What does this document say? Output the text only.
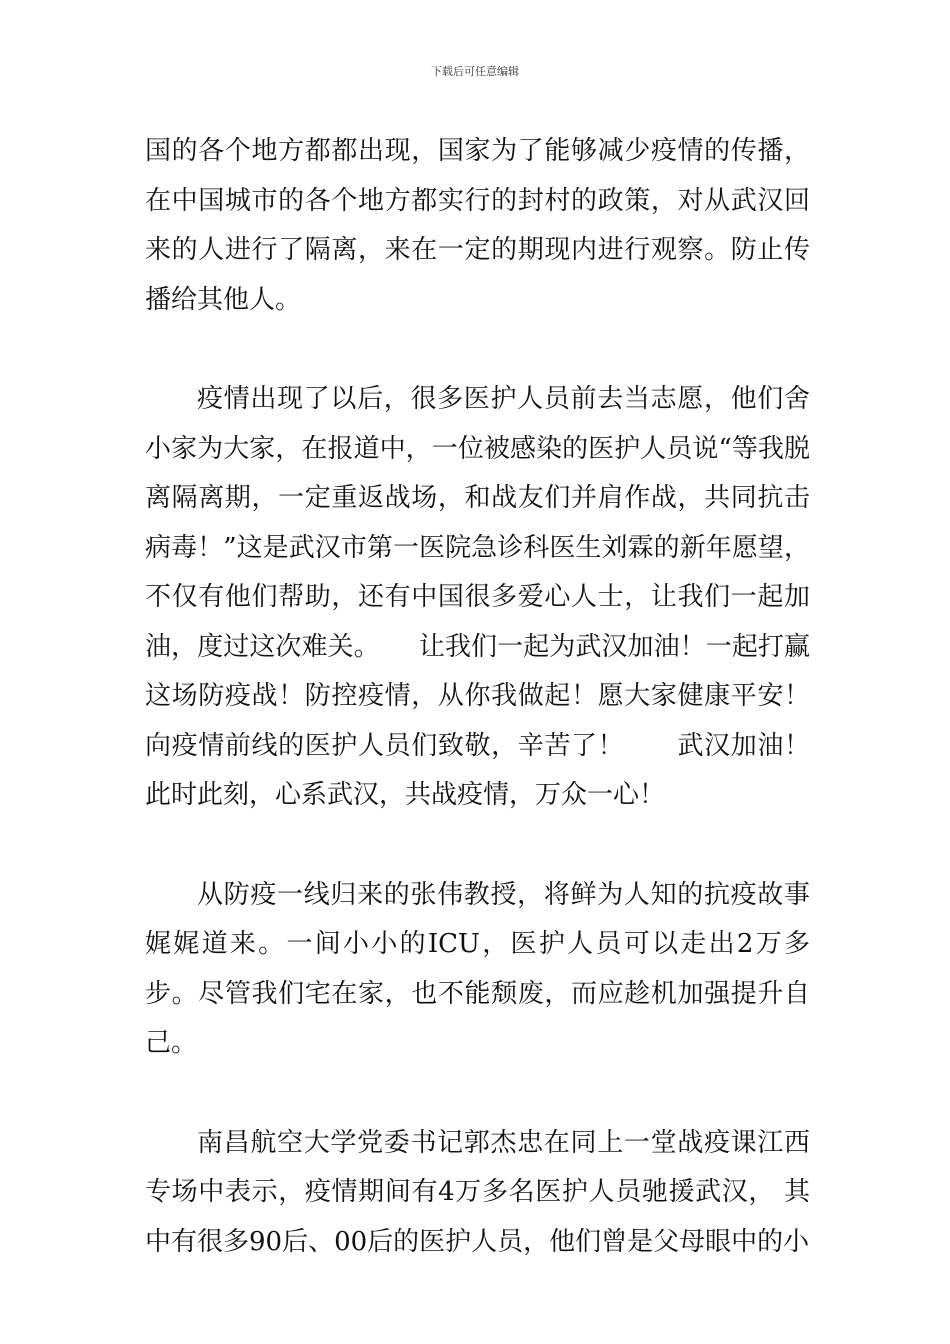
下载后可任意编辑

国的各个地方都都出现，国家为了能够减少疫情的传播，在中国城市的各个地方都实行的封村的政策，对从武汉回来的人进行了隔离，来在一定的期现内进行观察。防止传播给其他人。

疫情出现了以后，很多医护人员前去当志愿，他们舍小家为大家，在报道中，一位被感染的医护人员说“等我脱离隔离期，一定重返战场，和战友们并肩作战，共同抗击病毒！”这是武汉市第一医院急诊科医生刘霖的新年愿望，不仅有他们帮助，还有中国很多爱心人士，让我们一起加油，度过这次难关。　　让我们一起为武汉加油！一起打赢这场防疫战！防控疫情，从你我做起！愿大家健康平安！向疫情前线的医护人员们致敬，辛苦了！　　武汉加油！此时此刻，心系武汉，共战疫情，万众一心！

从防疫一线归来的张伟教授，将鲜为人知的抗疫故事娓娓道来。一间小小的ICU，医护人员可以走出2万多步。尽管我们宅在家，也不能颓废，而应趁机加强提升自己。

南昌航空大学党委书记郭杰忠在同上一堂战疫课江西专场中表示，疫情期间有4万多名医护人员驰援武汉， 其中有很多90后、00后的医护人员，他们曾是父母眼中的小
